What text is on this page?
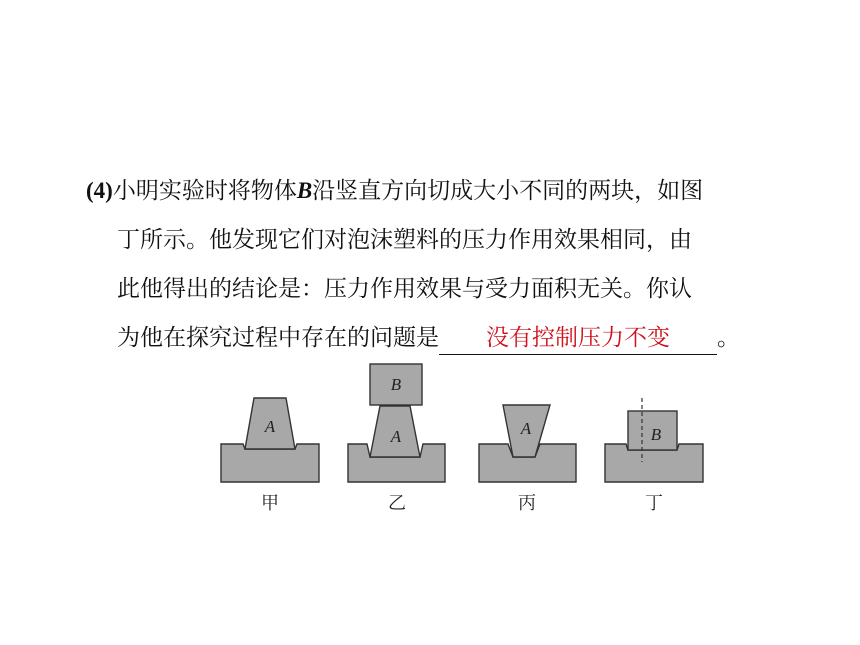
(4)小明实验时将物体B沿竖直方向切成大小不同的两块，如图
丁所示。他发现它们对泡沫塑料的压力作用效果相同，由
此他得出的结论是：压力作用效果与受力面积无关。你认
为他在探究过程中存在的问题是 没有控制压力不变 。
A
A
B
A	B
甲	乙	丙	丁
